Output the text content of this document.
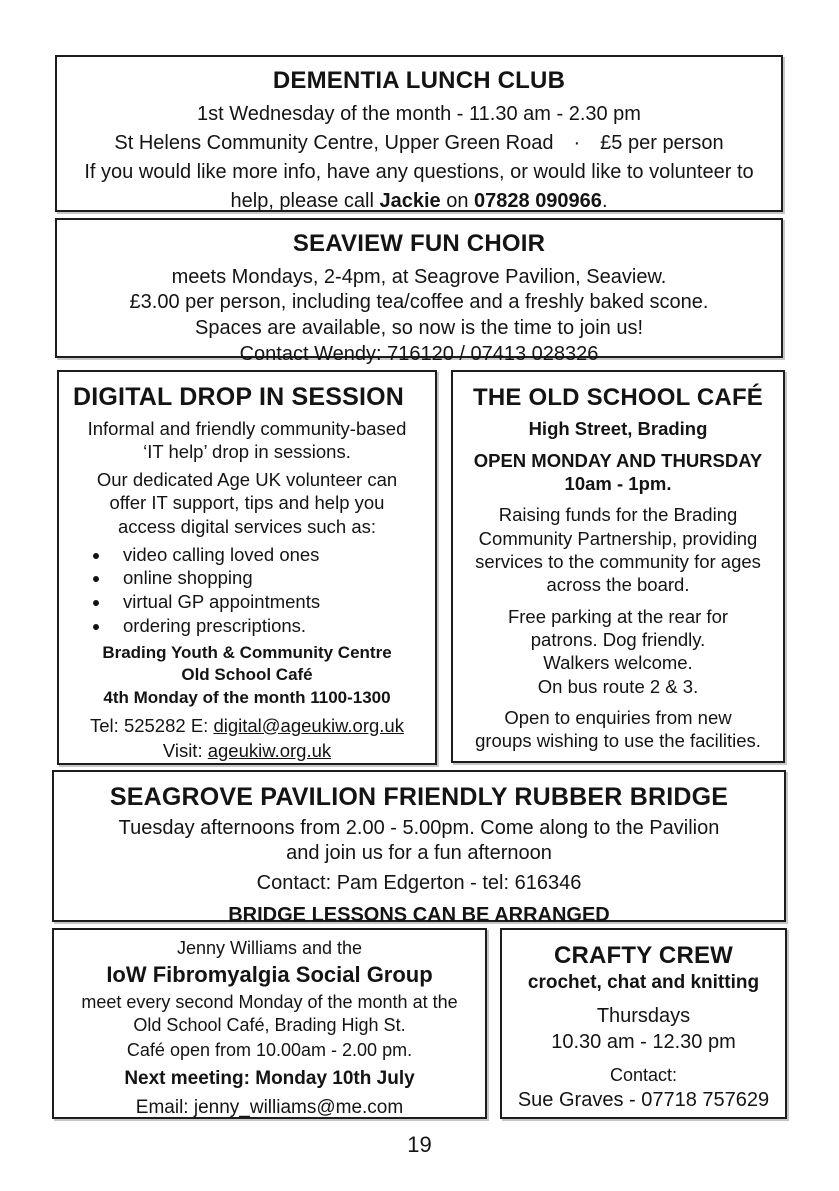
DEMENTIA LUNCH CLUB
1st Wednesday of the month - 11.30 am - 2.30 pm
St Helens Community Centre, Upper Green Road · £5 per person
If you would like more info, have any questions, or would like to volunteer to
help, please call Jackie on 07828 090966.
SEAVIEW FUN CHOIR
meets Mondays, 2-4pm, at Seagrove Pavilion, Seaview.
£3.00 per person, including tea/coffee and a freshly baked scone.
Spaces are available, so now is the time to join us!
Contact Wendy: 716120 / 07413 028326
DIGITAL DROP IN SESSION
Informal and friendly community-based
‘IT help’ drop in sessions.
Our dedicated Age UK volunteer can
offer IT support, tips and help you
access digital services such as:
• video calling loved ones
• online shopping
• virtual GP appointments
• ordering prescriptions.
Brading Youth & Community Centre
Old School Café
4th Monday of the month 1100-1300
Tel: 525282 E: digital@ageukiw.org.uk
Visit: ageukiw.org.uk
THE OLD SCHOOL CAFÉ
High Street, Brading
OPEN MONDAY AND THURSDAY
10am - 1pm.
Raising funds for the Brading
Community Partnership, providing
services to the community for ages
across the board.
Free parking at the rear for
patrons. Dog friendly.
Walkers welcome.
On bus route 2 & 3.
Open to enquiries from new
groups wishing to use the facilities.
SEAGROVE PAVILION FRIENDLY RUBBER BRIDGE
Tuesday afternoons from 2.00 - 5.00pm. Come along to the Pavilion
and join us for a fun afternoon
Contact: Pam Edgerton - tel: 616346
BRIDGE LESSONS CAN BE ARRANGED
Jenny Williams and the
IoW Fibromyalgia Social Group
meet every second Monday of the month at the
Old School Café, Brading High St.
Café open from 10.00am - 2.00 pm.
Next meeting: Monday 10th July
Email: jenny_williams@me.com
CRAFTY CREW
crochet, chat and knitting
Thursdays
10.30 am - 12.30 pm
Contact:
Sue Graves - 07718 757629
19
